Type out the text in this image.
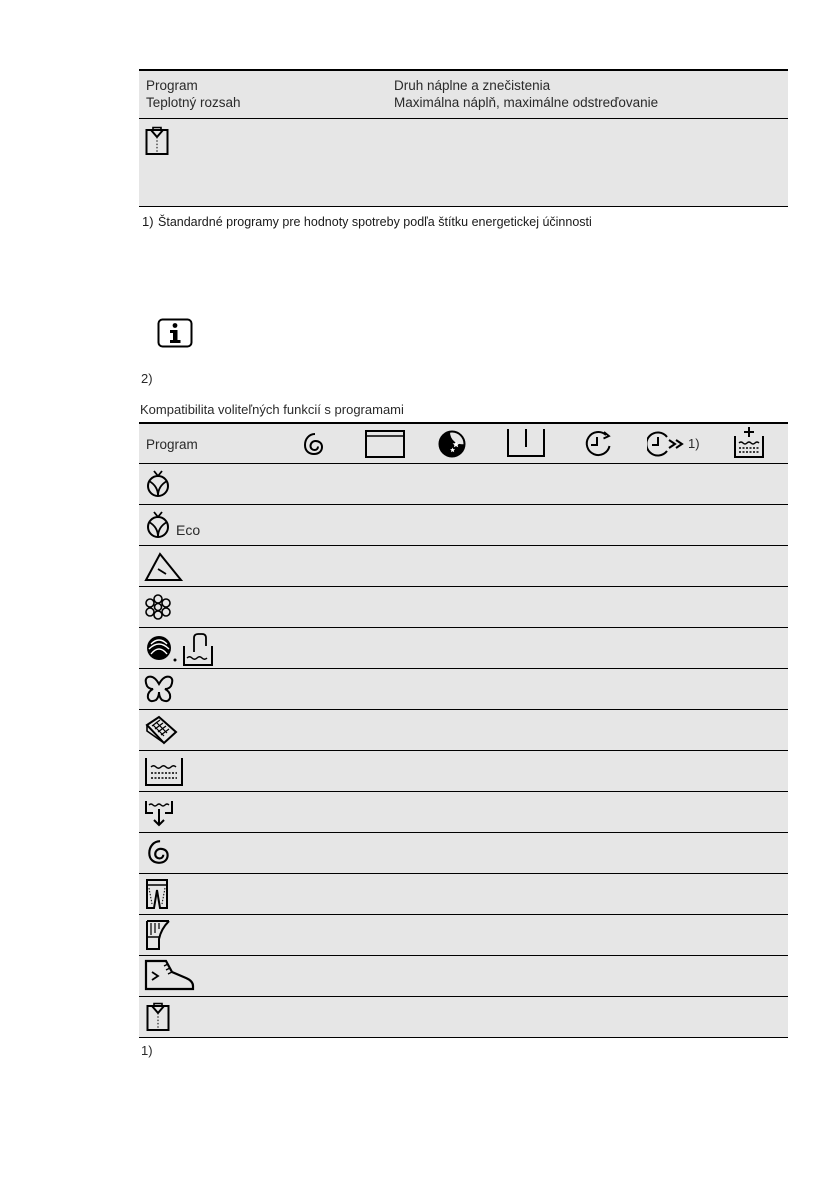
Program
Teplotný rozsah
Druh náplne a znečistenia
Maximálna náplň, maximálne odstreďovanie
1) Štandardné programy pre hodnoty spotreby podľa štítku energetickej účinnosti
2)
Kompatibilita voliteľných funkcií s programami
Program	1)
Eco
1)
